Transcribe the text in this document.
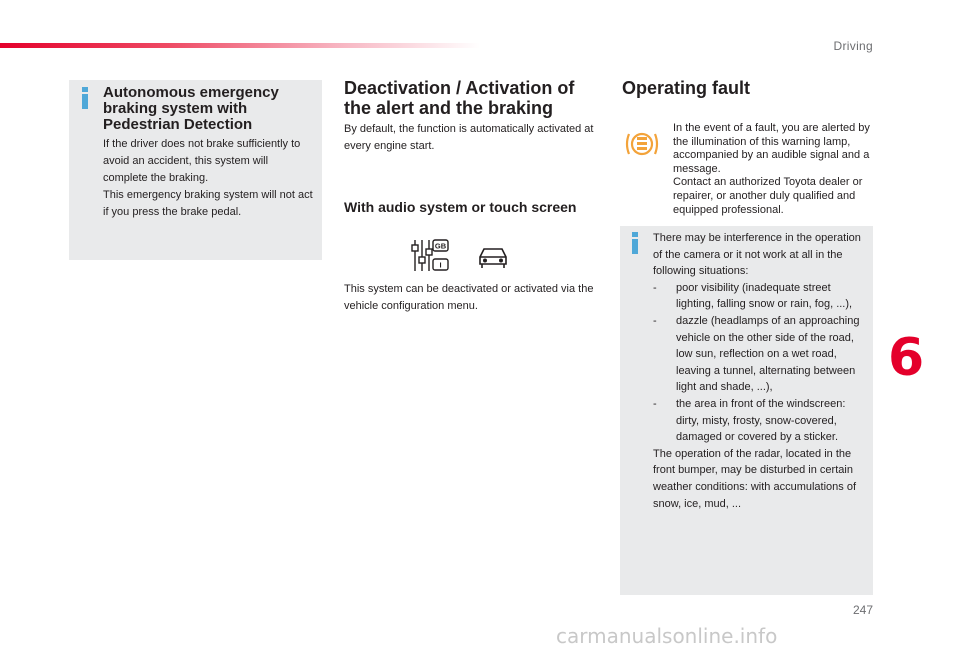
Driving
Autonomous emergency braking system with Pedestrian Detection

If the driver does not brake sufficiently to avoid an accident, this system will complete the braking.
This emergency braking system will not act if you press the brake pedal.

Deactivation / Activation of the alert and the braking

By default, the function is automatically activated at every engine start.

With audio system or touch screen
GB
I

This system can be deactivated or activated via the vehicle configuration menu.

Operating fault

In the event of a fault, you are alerted by the illumination of this warning lamp, accompanied by an audible signal and a message.
Contact an authorized Toyota dealer or repairer, or another duly qualified and equipped professional.

There may be interference in the operation of the camera or it not work at all in the following situations:
- poor visibility (inadequate street lighting, falling snow or rain, fog, ...),
- dazzle (headlamps of an approaching vehicle on the other side of the road, low sun, reflection on a wet road, leaving a tunnel, alternating between light and shade, ...),
- the area in front of the windscreen: dirty, misty, frosty, snow-covered, damaged or covered by a sticker.
The operation of the radar, located in the front bumper, may be disturbed in certain weather conditions: with accumulations of snow, ice, mud, ...
6
247
carmanualsonline.info
